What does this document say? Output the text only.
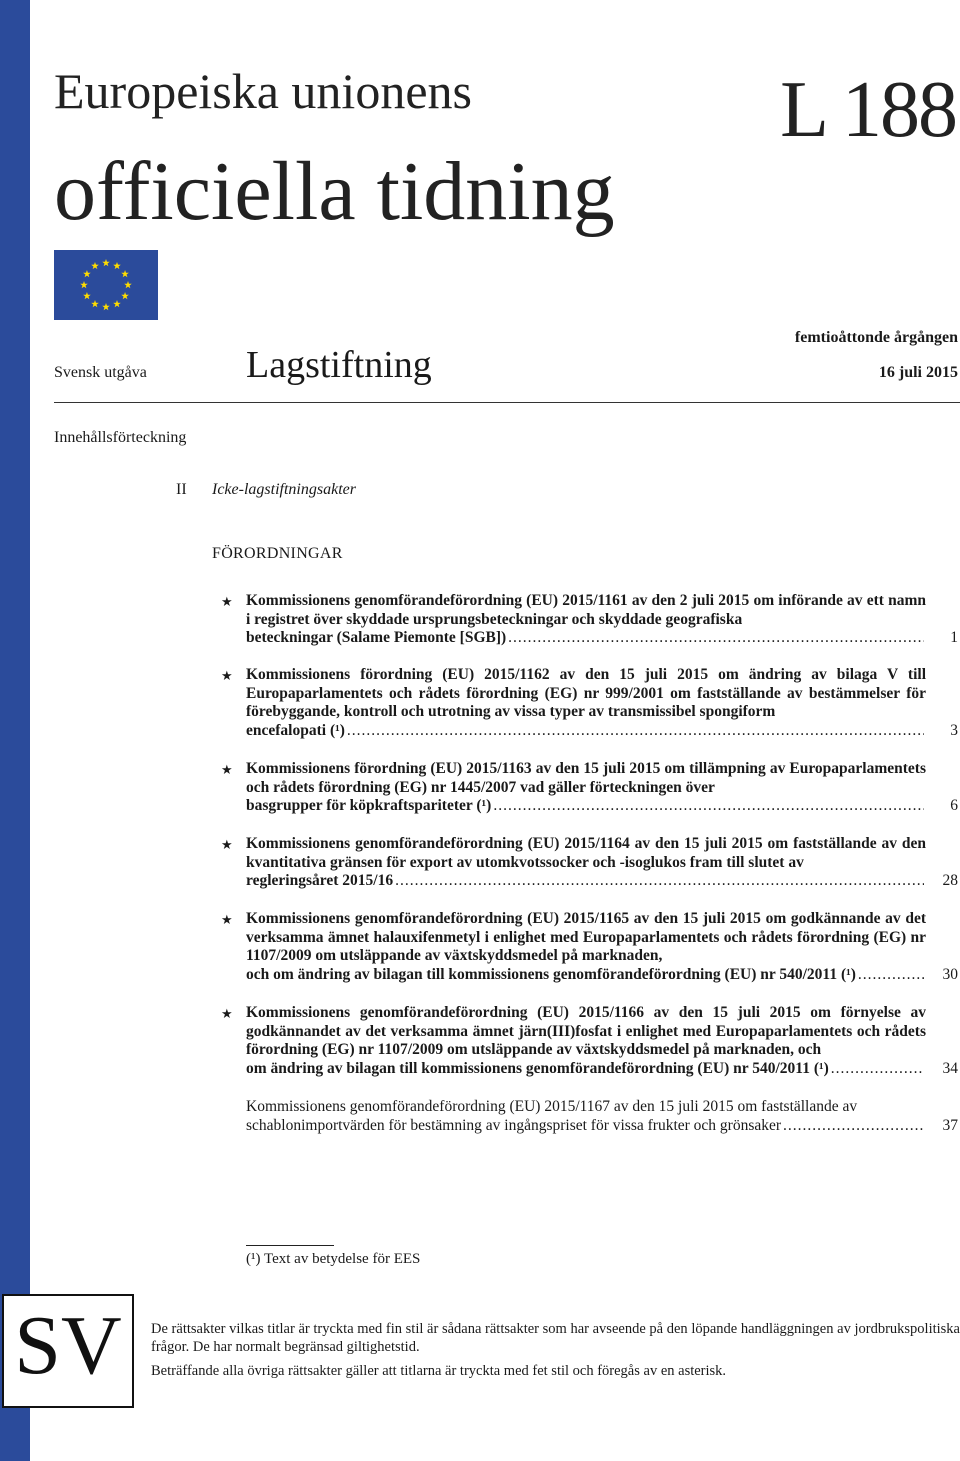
Europeiska unionens
officiella tidning
L 188
Svensk utgåva	Lagstiftning
femtioåttonde årgången
16 juli 2015
Innehållsförteckning
II Icke-lagstiftningsakter
FÖRORDNINGAR
★ Kommissionens genomförandeförordning (EU) 2015/1161 av den 2 juli 2015 om införande av ett namn i registret över skyddade ursprungsbeteckningar och skyddade geografiska
beteckningar (Salame Piemonte [SGB]) .....	1
★ Kommissionens förordning (EU) 2015/1162 av den 15 juli 2015 om ändring av bilaga V till Europaparlamentets och rådets förordning (EG) nr 999/2001 om fastställande av bestämmelser för förebyggande, kontroll och utrotning av vissa typer av transmissibel spongiform
encefalopati (¹) .....	3
★ Kommissionens förordning (EU) 2015/1163 av den 15 juli 2015 om tillämpning av Europaparlamentets och rådets förordning (EG) nr 1445/2007 vad gäller förteckningen över
basgrupper för köpkraftspariteter (¹) .....	6
★ Kommissionens genomförandeförordning (EU) 2015/1164 av den 15 juli 2015 om fastställande av den kvantitativa gränsen för export av utomkvotssocker och -isoglukos fram till slutet av
regleringsåret 2015/16 .....	28
★ Kommissionens genomförandeförordning (EU) 2015/1165 av den 15 juli 2015 om godkännande av det verksamma ämnet halauxifenmetyl i enlighet med Europaparlamentets och rådets förordning (EG) nr 1107/2009 om utsläppande av växtskyddsmedel på marknaden,
och om ändring av bilagan till kommissionens genomförandeförordning (EU) nr 540/2011 (¹) .....	30
★ Kommissionens genomförandeförordning (EU) 2015/1166 av den 15 juli 2015 om förnyelse av godkännandet av det verksamma ämnet järn(III)fosfat i enlighet med Europaparlamentets och rådets förordning (EG) nr 1107/2009 om utsläppande av växtskyddsmedel på marknaden, och
om ändring av bilagan till kommissionens genomförandeförordning (EU) nr 540/2011 (¹) .....	34
Kommissionens genomförandeförordning (EU) 2015/1167 av den 15 juli 2015 om fastställande av
schablonimportvärden för bestämning av ingångspriset för vissa frukter och grönsaker .....	37
(¹) Text av betydelse för EES
SV	De rättsakter vilkas titlar är tryckta med fin stil är sådana rättsakter som har avseende på den löpande handläggningen av jordbrukspolitiska frågor. De har normalt begränsad giltighetstid.
Beträffande alla övriga rättsakter gäller att titlarna är tryckta med fet stil och föregås av en asterisk.
